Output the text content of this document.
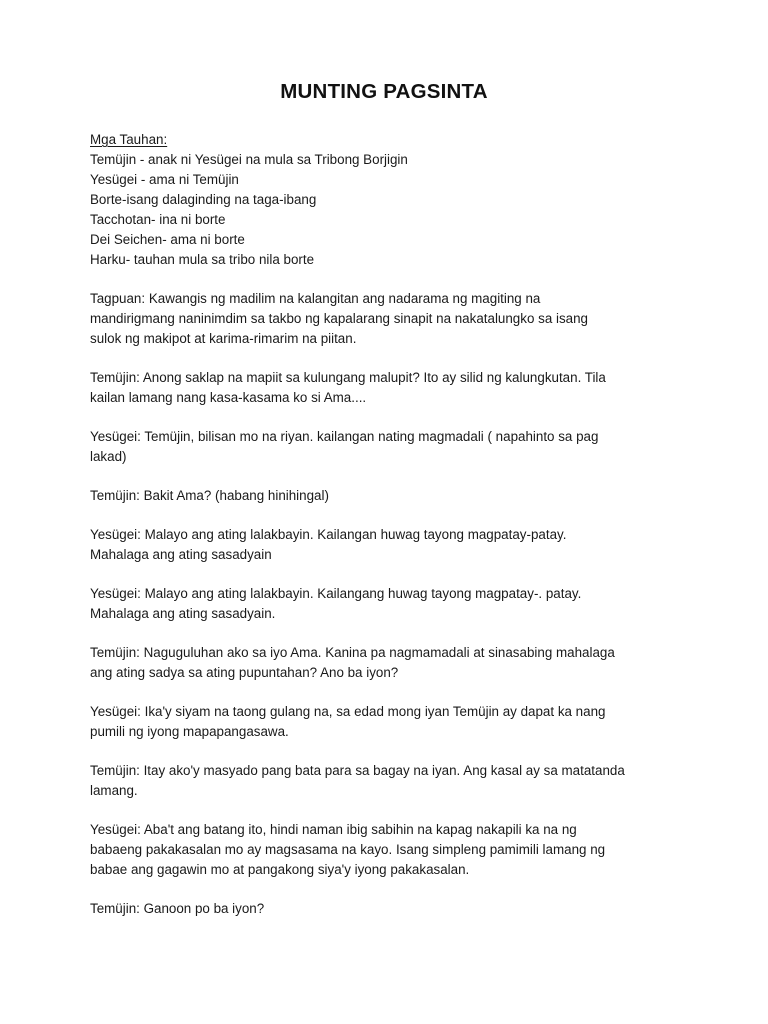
MUNTING PAGSINTA
Mga Tauhan:
Temüjin - anak ni Yesügei na mula sa Tribong Borjigin
Yesügei - ama ni Temüjin
Borte-isang dalaginding na taga-ibang
Tacchotan- ina ni borte
Dei Seichen- ama ni borte
Harku- tauhan mula sa tribo nila borte
Tagpuan: Kawangis ng madilim na kalangitan ang nadarama ng magiting na
mandirigmang naninimdim sa takbo ng kapalarang sinapit na nakatalungko sa isang
sulok ng makipot at karima-rimarim na piitan.
Temüjin: Anong saklap na mapiit sa kulungang malupit? Ito ay silid ng kalungkutan. Tila
kailan lamang nang kasa-kasama ko si Ama....
Yesügei: Temüjin, bilisan mo na riyan. kailangan nating magmadali ( napahinto sa pag
lakad)
Temüjin: Bakit Ama? (habang hinihingal)
Yesügei: Malayo ang ating lalakbayin. Kailangan huwag tayong magpatay-patay.
Mahalaga ang ating sasadyain
Yesügei: Malayo ang ating lalakbayin. Kailangang huwag tayong magpatay-. patay.
Mahalaga ang ating sasadyain.
Temüjin: Naguguluhan ako sa iyo Ama. Kanina pa nagmamadali at sinasabing mahalaga
ang ating sadya sa ating pupuntahan? Ano ba iyon?
Yesügei: Ika'y siyam na taong gulang na, sa edad mong iyan Temüjin ay dapat ka nang
pumili ng iyong mapapangasawa.
Temüjin: Itay ako'y masyado pang bata para sa bagay na iyan. Ang kasal ay sa matatanda
lamang.
Yesügei: Aba't ang batang ito, hindi naman ibig sabihin na kapag nakapili ka na ng
babaeng pakakasalan mo ay magsasama na kayo. Isang simpleng pamimili lamang ng
babae ang gagawin mo at pangakong siya'y iyong pakakasalan.
Temüjin: Ganoon po ba iyon?
